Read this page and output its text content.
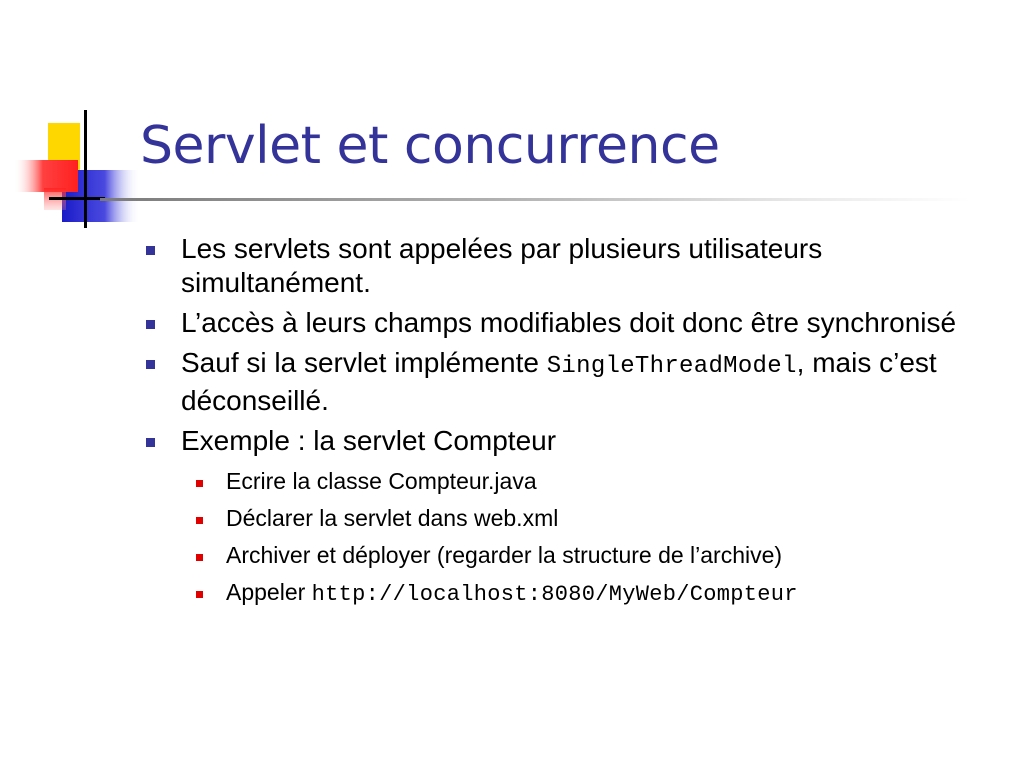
Servlet et concurrence
Les servlets sont appelées par plusieurs utilisateurs simultanément.
L’accès à leurs champs modifiables doit donc être synchronisé
Sauf si la servlet implémente SingleThreadModel, mais c’est déconseillé.
Exemple : la servlet Compteur
Ecrire la classe Compteur.java
Déclarer la servlet dans web.xml
Archiver et déployer (regarder la structure de l’archive)
Appeler http://localhost:8080/MyWeb/Compteur
